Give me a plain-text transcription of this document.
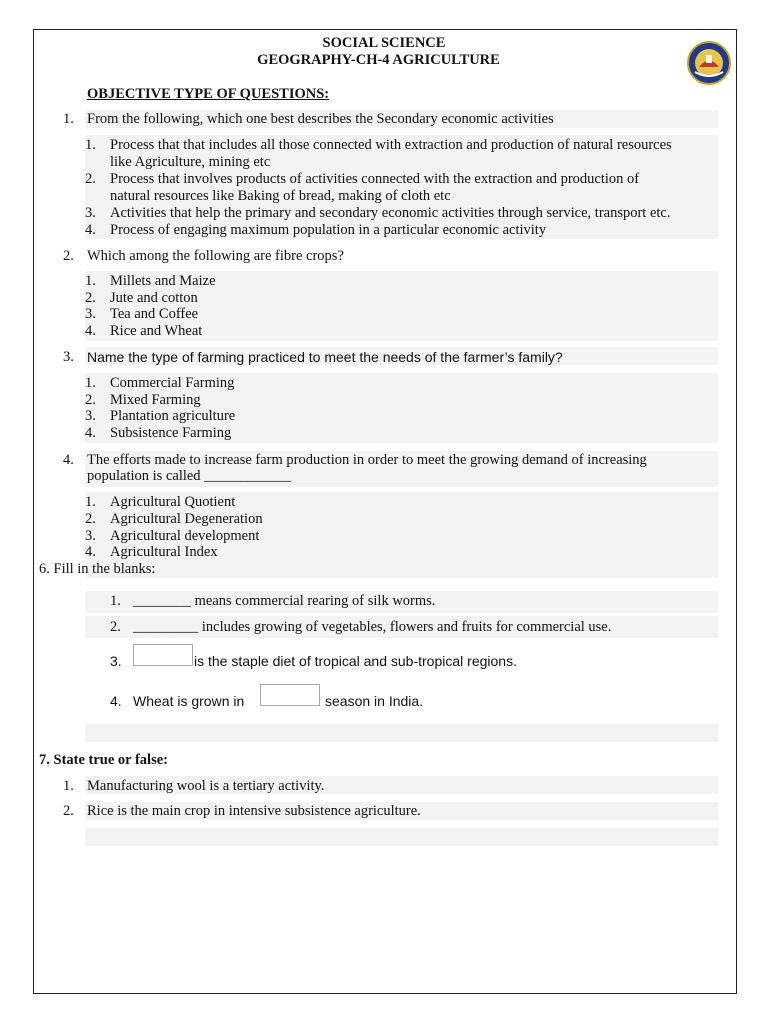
SOCIAL SCIENCE
GEOGRAPHY-CH-4 AGRICULTURE
OBJECTIVE TYPE OF QUESTIONS:
1. From the following, which one best describes the Secondary economic activities
1. Process that that includes all those connected with extraction and production of natural resources
like Agriculture, mining etc
2. Process that involves products of activities connected with the extraction and production of
natural resources like Baking of bread, making of cloth etc
3. Activities that help the primary and secondary economic activities through service, transport etc.
4. Process of engaging maximum population in a particular economic activity
2. Which among the following are fibre crops?
1. Millets and Maize
2. Jute and cotton
3. Tea and Coffee
4. Rice and Wheat
3. Name the type of farming practiced to meet the needs of the farmer’s family?
1. Commercial Farming
2. Mixed Farming
3. Plantation agriculture
4. Subsistence Farming
4. The efforts made to increase farm production in order to meet the growing demand of increasing
population is called ____________
1. Agricultural Quotient
2. Agricultural Degeneration
3. Agricultural development
4. Agricultural Index
6. Fill in the blanks:
1. ________ means commercial rearing of silk worms.
2. _________ includes growing of vegetables, flowers and fruits for commercial use.
3.	is the staple diet of tropical and sub-tropical regions.
4. Wheat is grown in	season in India.
7. State true or false:
1. Manufacturing wool is a tertiary activity.
2. Rice is the main crop in intensive subsistence agriculture.
